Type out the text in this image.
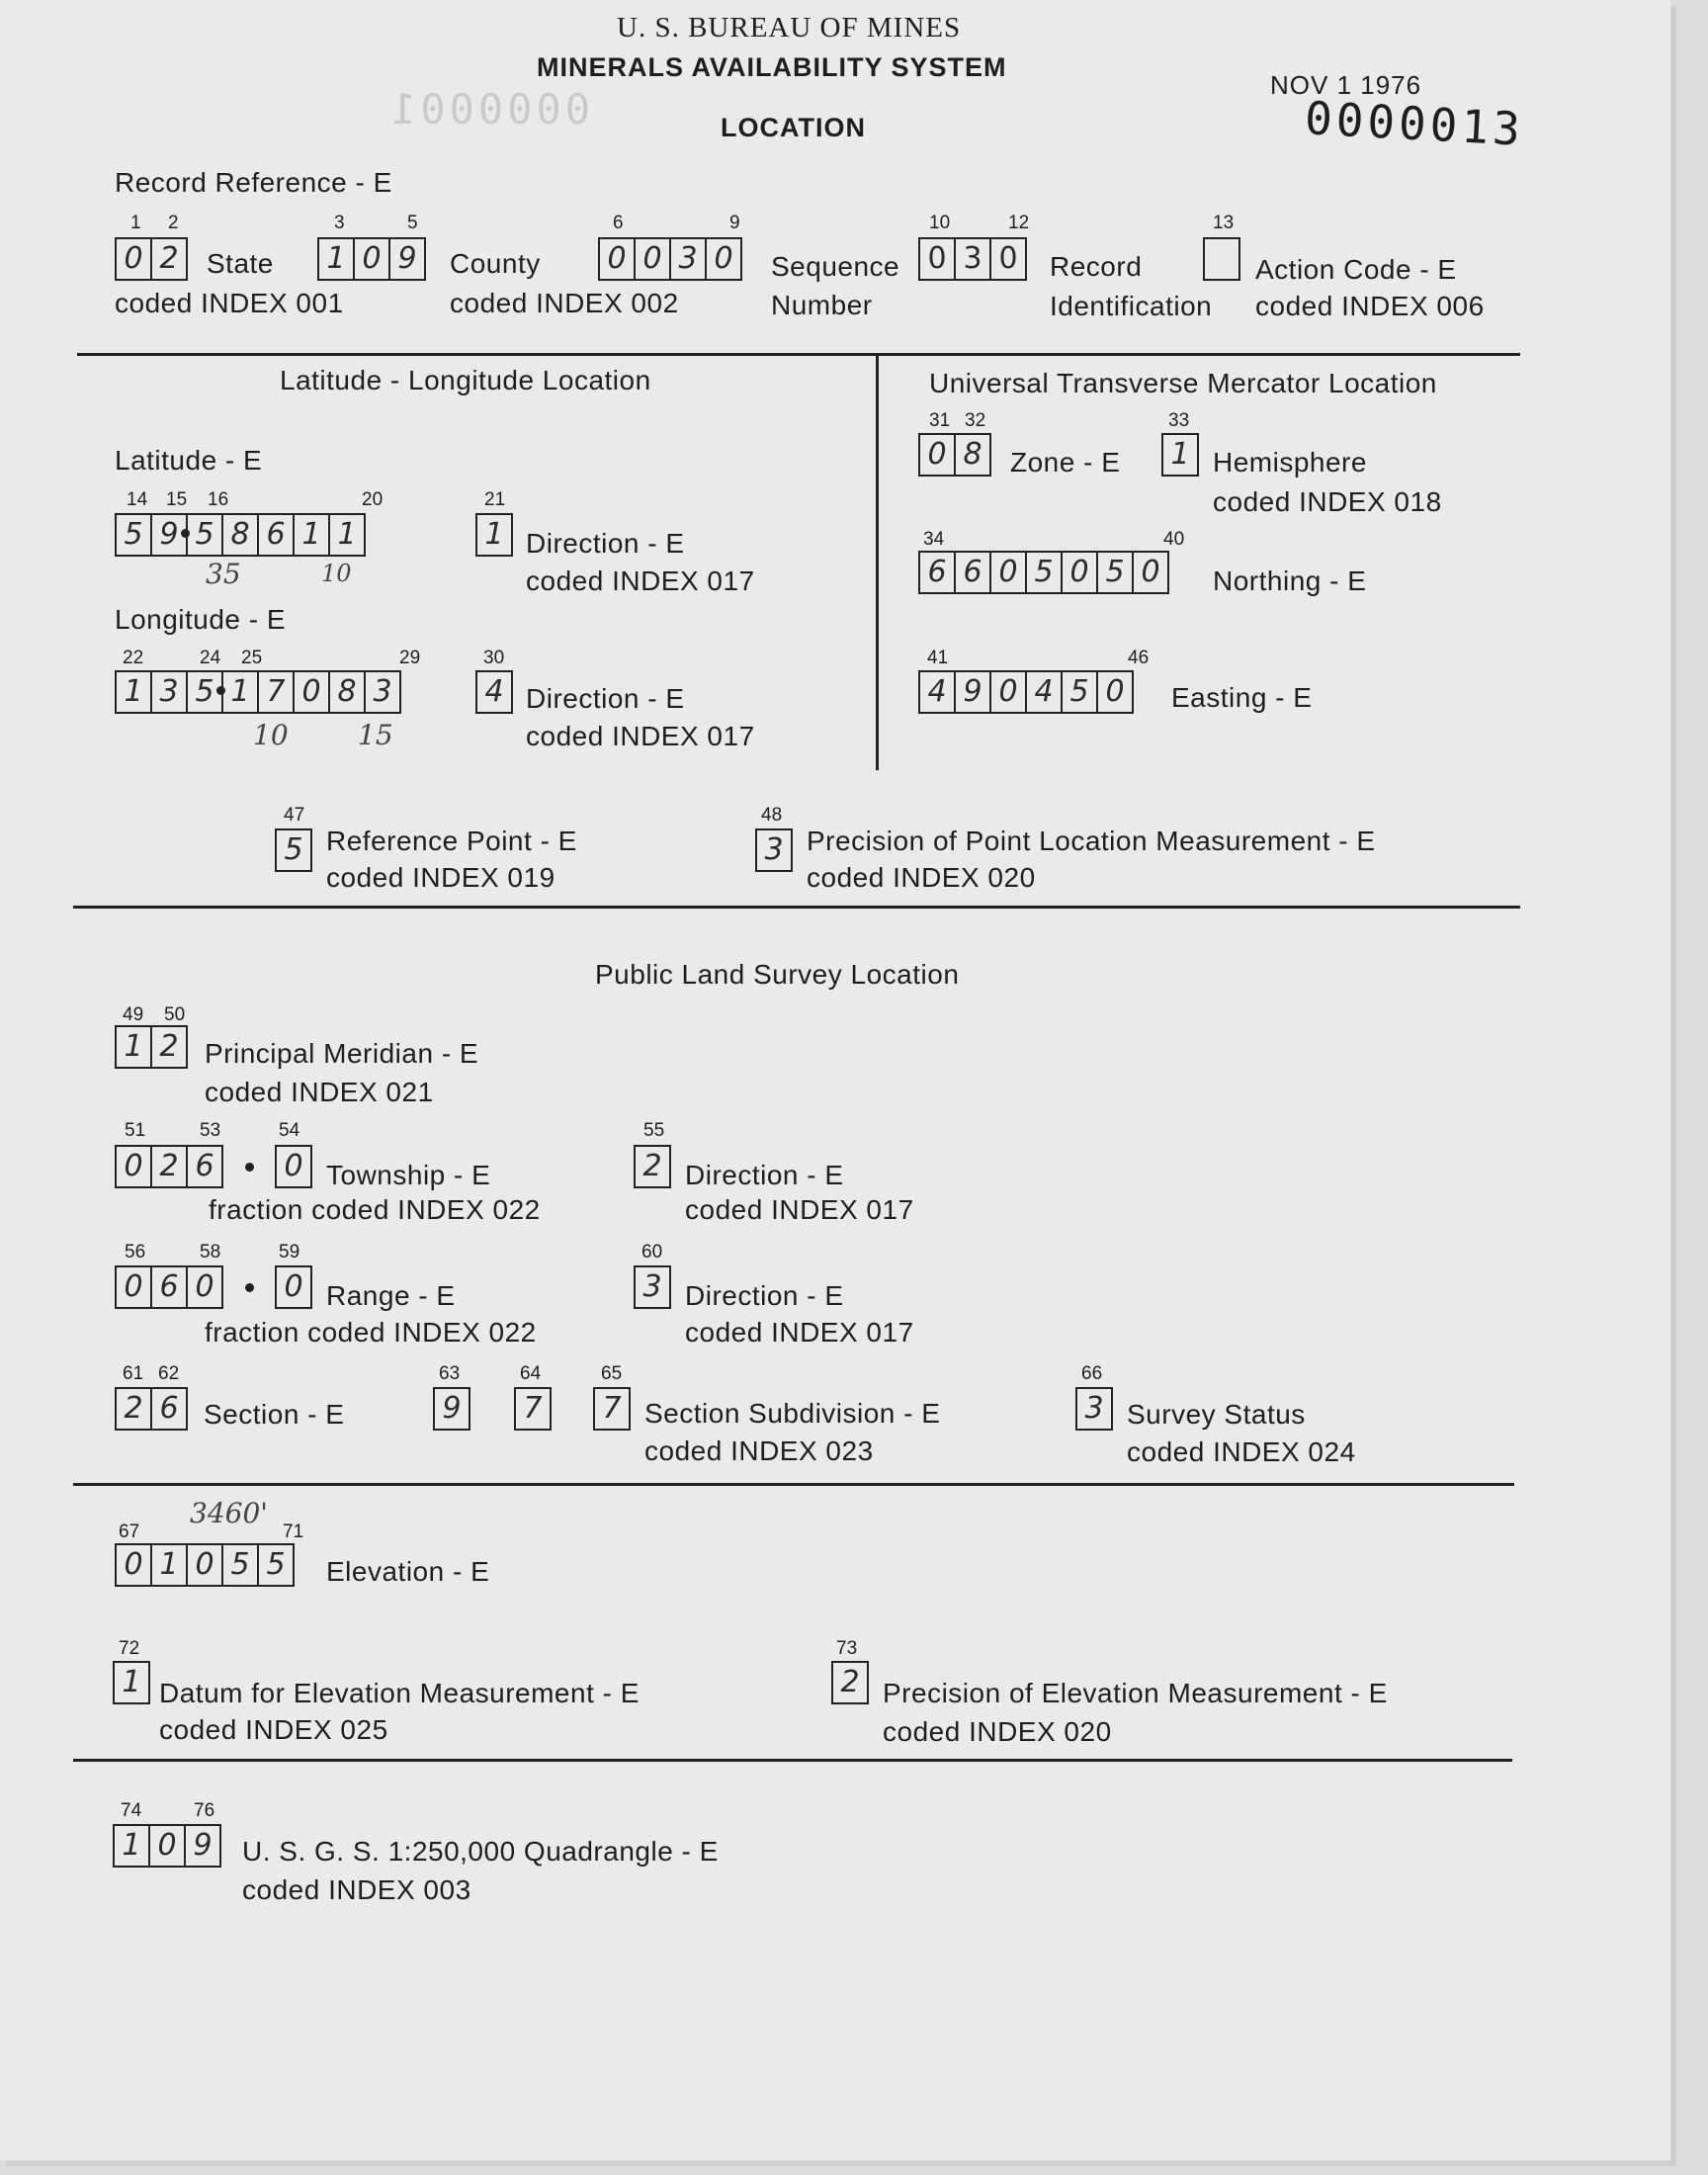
U. S. BUREAU OF MINES
MINERALS AVAILABILITY SYSTEM
LOCATION
NOV 1 1976
0000013
0000001
Record Reference - E
1 2
0 2 State
coded INDEX 001
3	5
1 0 9 County
coded INDEX 002
6	9
0 0 3 0 Sequence
Number
10	12
0 3 0 Record
Identification
13
Action Code - E
coded INDEX 006
Latitude - Longitude Location
Latitude - E
14 15 16	20
5 9 5 8 6 1 1
35	10
21
1 Direction - E
coded INDEX 017
Longitude - E
22	24 25	29
1 3 5 1 7 0 8 3
10	15
30
4 Direction - E
coded INDEX 017
Universal Transverse Mercator Location
31 32
0 8 Zone - E
33
1 Hemisphere
coded INDEX 018
34	40
6 6 0 5 0 5 0 Northing - E
41	46
4 9 0 4 5 0 Easting - E
47
5 Reference Point - E
coded INDEX 019
48
3 Precision of Point Location Measurement - E
coded INDEX 020
Public Land Survey Location
49 50
1 2 Principal Meridian - E
coded INDEX 021
51	53	54
0 2 6	0 Township - E
fraction coded INDEX 022
55
2 Direction - E
coded INDEX 017
56	58	59
0 6 0	0 Range - E
fraction coded INDEX 022
60
3 Direction - E
coded INDEX 017
61 62
2 6 Section - E
63	64	65
9	7	7 Section Subdivision - E
coded INDEX 023
66
3 Survey Status
coded INDEX 024
3460'
67	71
0 1 0 5 5 Elevation - E
72
1 Datum for Elevation Measurement - E
coded INDEX 025
73
2 Precision of Elevation Measurement - E
coded INDEX 020
74	76
1 0 9 U. S. G. S. 1:250,000 Quadrangle - E
coded INDEX 003
